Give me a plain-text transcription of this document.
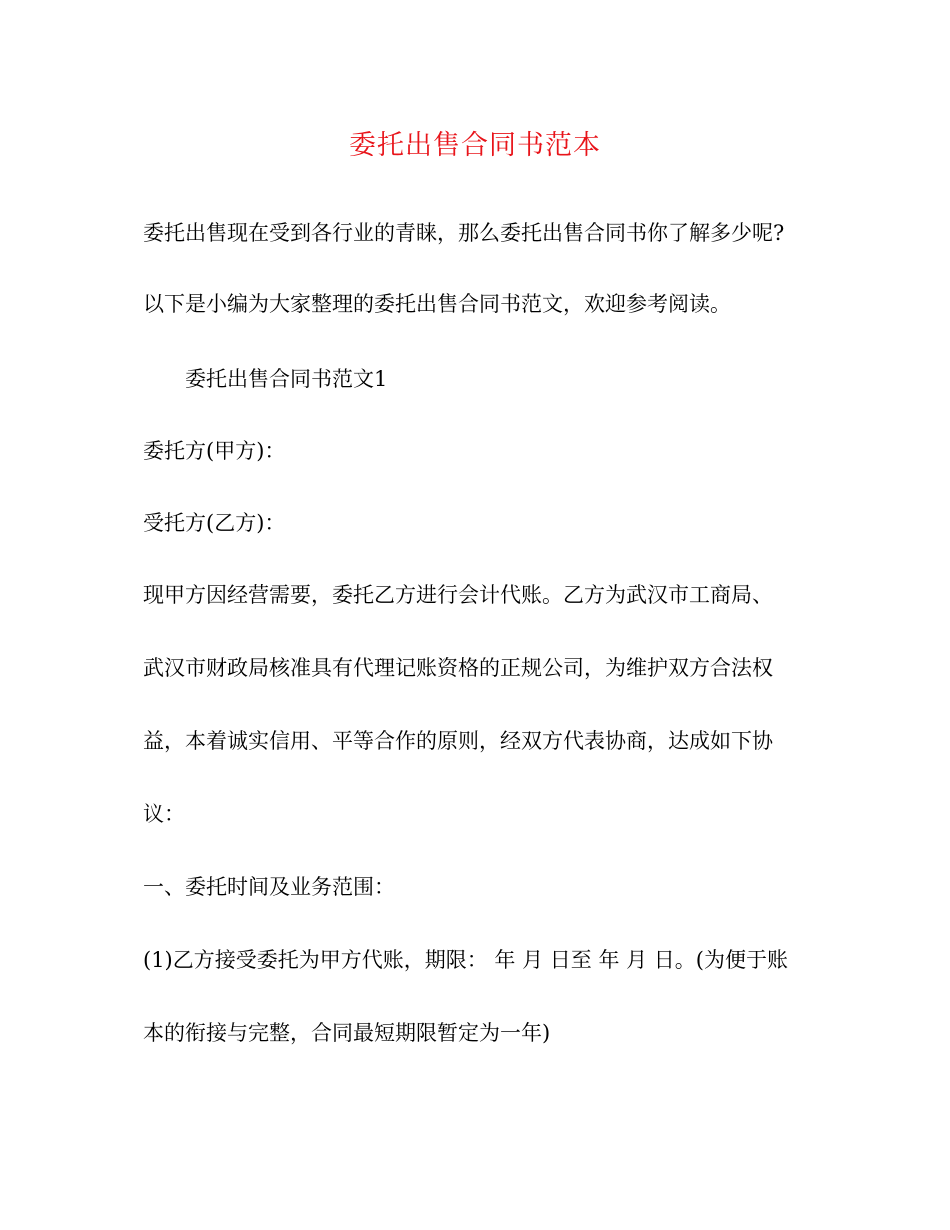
委托出售合同书范本
委托出售现在受到各行业的青睐，那么委托出售合同书你了解多少呢?
以下是小编为大家整理的委托出售合同书范文，欢迎参考阅读。
委托出售合同书范文1
委托方(甲方)：
受托方(乙方)：
现甲方因经营需要，委托乙方进行会计代账。乙方为武汉市工商局、
武汉市财政局核准具有代理记账资格的正规公司，为维护双方合法权
益，本着诚实信用、平等合作的原则，经双方代表协商，达成如下协
议：
一、委托时间及业务范围：
(1)乙方接受委托为甲方代账，期限： 年 月 日至 年 月 日。(为便于账
本的衔接与完整，合同最短期限暂定为一年)
